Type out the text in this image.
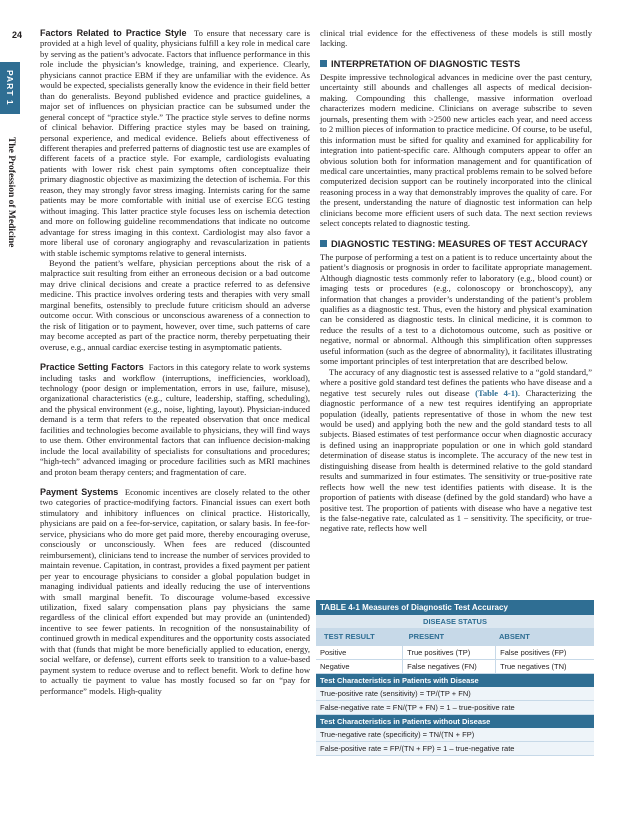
24
PART 1
The Profession of Medicine

Factors Related to Practice Style To ensure that necessary care is provided at a high level of quality, physicians fulfill a key role in medical care by serving as the patient’s advocate. Factors that influence performance in this role include the physician’s knowledge, training, and experience. Clearly, physicians cannot practice EBM if they are unfamiliar with the evidence. As would be expected, specialists generally know the evidence in their field better than do generalists. Beyond published evidence and practice guidelines, a major set of influences on physician practice can be subsumed under the general concept of “practice style.” The practice style serves to define norms of clinical behavior. Differing practice styles may be based on training, personal experience, and medical evidence. Beliefs about effectiveness of different therapies and preferred patterns of diagnostic test use are examples of different facets of a practice style. For example, cardiologists evaluating patients with lower risk chest pain symptoms often conceptualize their primary diagnostic objective as maximizing the detection of ischemia. For this reason, they may strongly favor stress imaging. Internists caring for the same patients may be more comfortable with initial use of exercise ECG testing without imaging. This latter practice style focuses less on ischemia detection and more on following guideline recommendations that indicate no outcome advantage for stress imaging in this context. Cardiologist may also favor a more liberal use of coronary angiography and revascularization in patients with stable ischemic symptoms relative to general internists.

Beyond the patient’s welfare, physician perceptions about the risk of a malpractice suit resulting from either an erroneous decision or a bad outcome may drive clinical decisions and create a practice referred to as defensive medicine. This practice involves ordering tests and therapies with very small marginal benefits, ostensibly to preclude future criticism should an adverse outcome occur. With conscious or unconscious awareness of a connection to the risk of litigation or to payment, however, over time, such patterns of care may become accepted as part of the practice norm, thereby perpetuating their overuse, e.g., annual cardiac exercise testing in asymptomatic patients.

Practice Setting Factors Factors in this category relate to work systems including tasks and workflow (interruptions, inefficiencies, workload), technology (poor design or implementation, errors in use, failure, misuse), organizational characteristics (e.g., culture, leadership, staffing, scheduling), and the physical environment (e.g., noise, lighting, layout). Physician-induced demand is a term that refers to the repeated observation that once medical facilities and technologies become available to physicians, they will find ways to use them. Other environmental factors that can influence decision-making include the local availability of specialists for consultations and procedures; “high-tech” advanced imaging or procedure facilities such as MRI machines and proton beam therapy centers; and fragmentation of care.

Payment Systems Economic incentives are closely related to the other two categories of practice-modifying factors. Financial issues can exert both stimulatory and inhibitory influences on clinical practice. Historically, physicians are paid on a fee-for-service, capitation, or salary basis. In fee-for-service, physicians who do more get paid more, thereby encouraging overuse, consciously or unconsciously. When fees are reduced (discounted reimbursement), clinicians tend to increase the number of services provided to maintain revenue. Capitation, in contrast, provides a fixed payment per patient per year to encourage physicians to consider a global population budget in managing individual patients and ideally reducing the use of interventions with small marginal benefit. To discourage volume-based excessive utilization, fixed salary compensation plans pay physicians the same regardless of the clinical effort expended but may provide an (unintended) incentive to see fewer patients. In recognition of the nonsustainability of continued growth in medical expenditures and the opportunity costs associated with that (funds that might be more beneficially applied to education, energy, social welfare, or defense), current efforts seek to transition to a value-based payment system to reduce overuse and to reflect benefit. Work to define how to actually tie payment to value has mostly focused so far on “pay for performance” models. High-quality

clinical trial evidence for the effectiveness of these models is still mostly lacking.

INTERPRETATION OF DIAGNOSTIC TESTS

Despite impressive technological advances in medicine over the past century, uncertainty still abounds and challenges all aspects of medical decision-making. Compounding this challenge, massive information overload characterizes modern medicine. Clinicians on average subscribe to seven journals, presenting them with >2500 new articles each year, and need access to 2 million pieces of information to practice medicine. Of course, to be useful, this information must be sifted for quality and examined for applicability for integration into patient-specific care. Although computers appear to offer an obvious solution both for information management and for quantification of medical care uncertainties, many practical problems remain to be solved before computerized decision support can be routinely incorporated into the clinical reasoning process in a way that demonstrably improves the quality of care. For the present, understanding the nature of diagnostic test information can help clinicians become more efficient users of such data. The next section reviews select concepts related to diagnostic testing.

DIAGNOSTIC TESTING: MEASURES OF TEST ACCURACY

The purpose of performing a test on a patient is to reduce uncertainty about the patient’s diagnosis or prognosis in order to facilitate appropriate management. Although diagnostic tests commonly refer to laboratory (e.g., blood count) or imaging tests or procedures (e.g., colonoscopy or bronchoscopy), any information that changes a provider’s understanding of the patient’s problem qualifies as a diagnostic test. Thus, even the history and physical examination can be considered as diagnostic tests. In clinical medicine, it is common to reduce the results of a test to a dichotomous outcome, such as positive or negative, normal or abnormal. Although this simplification often suppresses useful information (such as the degree of abnormality), it facilitates illustrating some important principles of test interpretation that are described below.

The accuracy of any diagnostic test is assessed relative to a “gold standard,” where a positive gold standard test defines the patients who have disease and a negative test securely rules out disease (Table 4-1). Characterizing the diagnostic performance of a new test requires identifying an appropriate population (ideally, patients representative of those in whom the new test would be used) and applying both the new and the gold standard tests to all subjects. Biased estimates of test performance occur when diagnostic accuracy is defined using an inappropriate population or one in which gold standard determination of disease status is incomplete. The accuracy of the new test in distinguishing disease from health is determined relative to the gold standard results and summarized in four estimates. The sensitivity or true-positive rate reflects how well the new test identifies patients with disease. It is the proportion of patients with disease (defined by the gold standard) who have a positive test. The proportion of patients with disease who have a negative test is the false-negative rate, calculated as 1 − sensitivity. The specificity, or true-negative rate, reflects how well

TABLE 4-1 Measures of Diagnostic Test Accuracy
DISEASE STATUS
TEST RESULT	PRESENT	ABSENT
Positive	True positives (TP)	False positives (FP)
Negative	False negatives (FN)	True negatives (TN)
Test Characteristics in Patients with Disease
True-positive rate (sensitivity) = TP/(TP + FN)
False-negative rate = FN/(TP + FN) = 1 – true-positive rate
Test Characteristics in Patients without Disease
True-negative rate (specificity) = TN/(TN + FP)
False-positive rate = FP/(TN + FP) = 1 – true-negative rate
